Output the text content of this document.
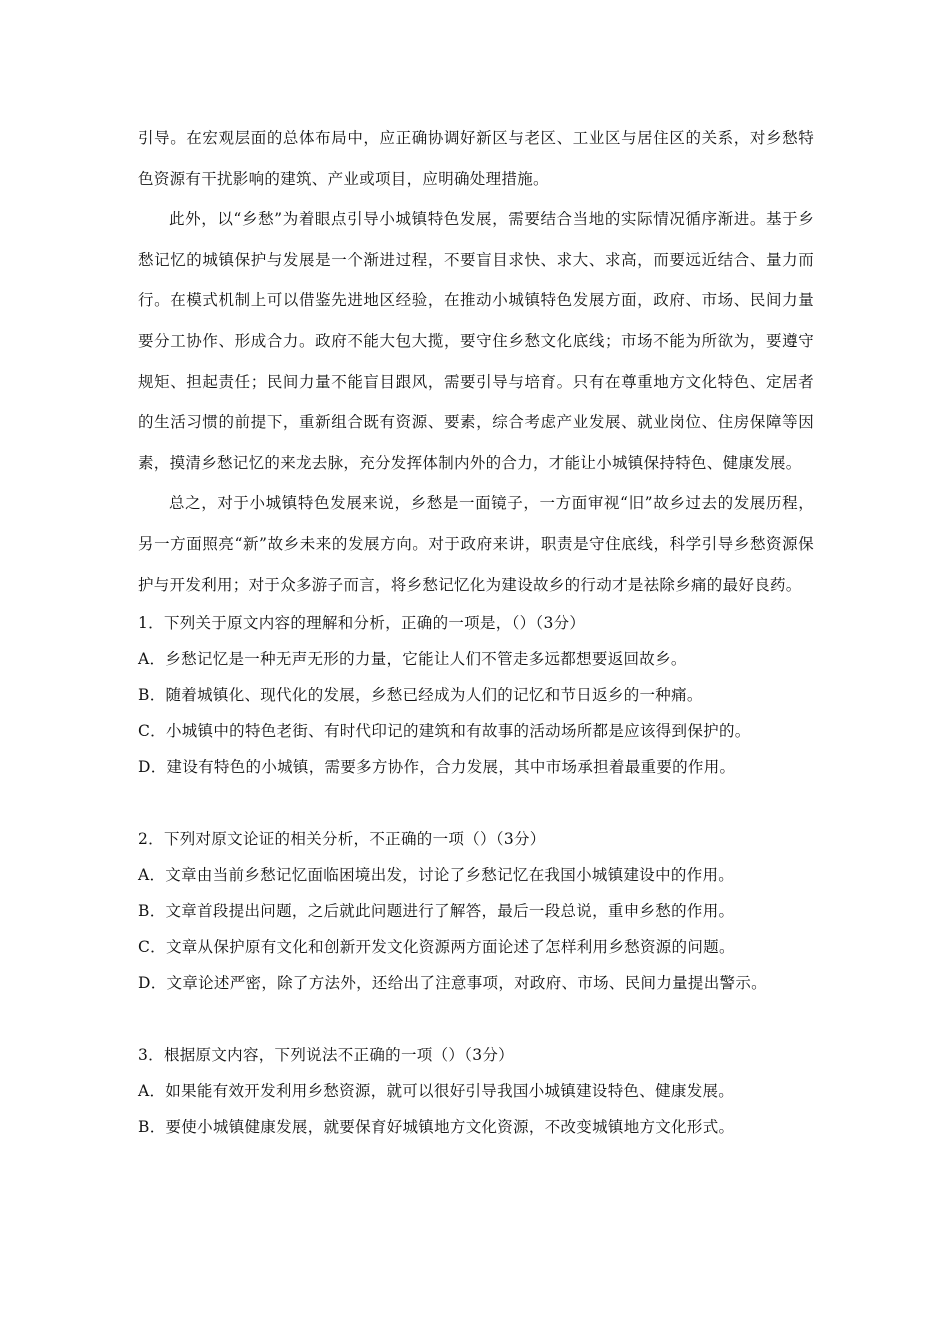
引导。在宏观层面的总体布局中，应正确协调好新区与老区、工业区与居住区的关系，对乡愁特色资源有干扰影响的建筑、产业或项目，应明确处理措施。

此外，以“乡愁”为着眼点引导小城镇特色发展，需要结合当地的实际情况循序渐进。基于乡愁记忆的城镇保护与发展是一个渐进过程，不要盲目求快、求大、求高，而要远近结合、量力而行。在模式机制上可以借鉴先进地区经验，在推动小城镇特色发展方面，政府、市场、民间力量要分工协作、形成合力。政府不能大包大揽，要守住乡愁文化底线；市场不能为所欲为，要遵守规矩、担起责任；民间力量不能盲目跟风，需要引导与培育。只有在尊重地方文化特色、定居者的生活习惯的前提下，重新组合既有资源、要素，综合考虑产业发展、就业岗位、住房保障等因素，摸清乡愁记忆的来龙去脉，充分发挥体制内外的合力，才能让小城镇保持特色、健康发展。

总之，对于小城镇特色发展来说，乡愁是一面镜子，一方面审视“旧”故乡过去的发展历程，另一方面照亮“新”故乡未来的发展方向。对于政府来讲，职责是守住底线，科学引导乡愁资源保护与开发利用；对于众多游子而言，将乡愁记忆化为建设故乡的行动才是祛除乡痛的最好良药。

1．下列关于原文内容的理解和分析，正确的一项是，（）（3分）

A．乡愁记忆是一种无声无形的力量，它能让人们不管走多远都想要返回故乡。

B．随着城镇化、现代化的发展，乡愁已经成为人们的记忆和节日返乡的一种痛。

C．小城镇中的特色老街、有时代印记的建筑和有故事的活动场所都是应该得到保护的。

D．建设有特色的小城镇，需要多方协作，合力发展，其中市场承担着最重要的作用。

2．下列对原文论证的相关分析，不正确的一项（）（3分）

A．文章由当前乡愁记忆面临困境出发，讨论了乡愁记忆在我国小城镇建设中的作用。

B．文章首段提出问题，之后就此问题进行了解答，最后一段总说，重申乡愁的作用。

C．文章从保护原有文化和创新开发文化资源两方面论述了怎样利用乡愁资源的问题。

D．文章论述严密，除了方法外，还给出了注意事项，对政府、市场、民间力量提出警示。

3．根据原文内容，下列说法不正确的一项（）（3分）

A．如果能有效开发利用乡愁资源，就可以很好引导我国小城镇建设特色、健康发展。

B．要使小城镇健康发展，就要保育好城镇地方文化资源，不改变城镇地方文化形式。
